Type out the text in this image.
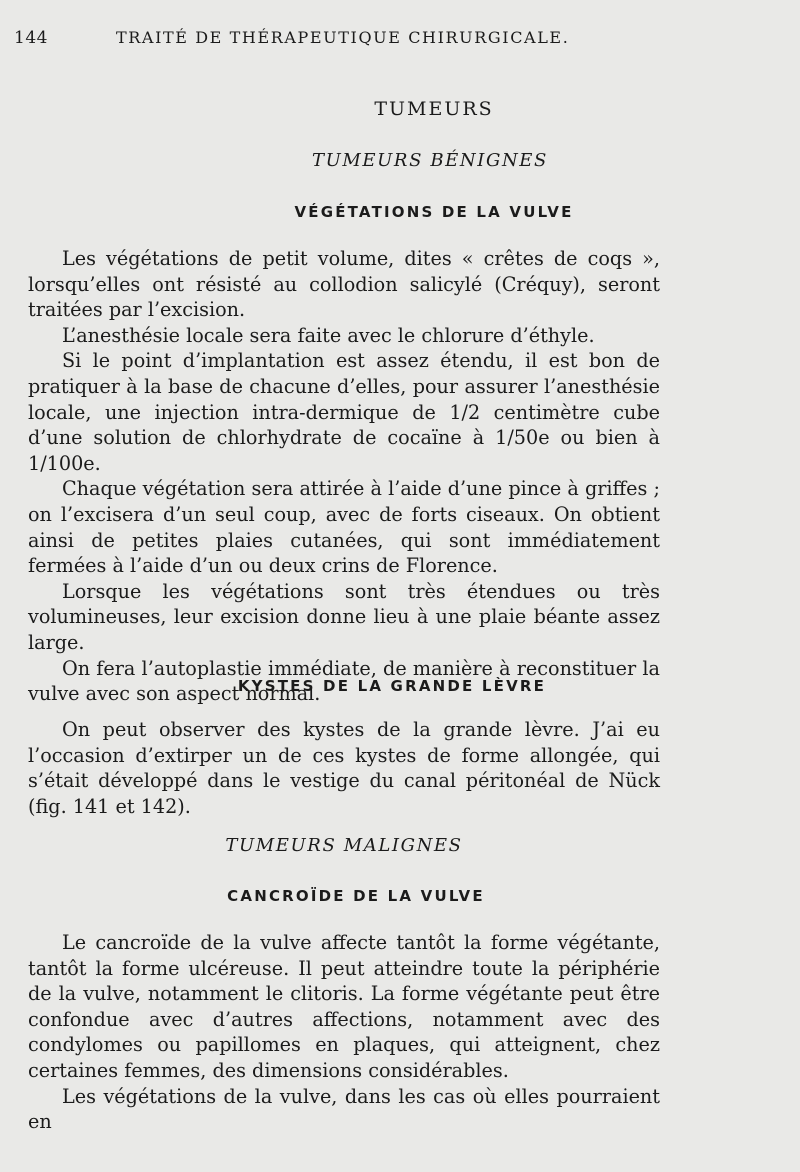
144	TRAITÉ DE THÉRAPEUTIQUE CHIRURGICALE.
TUMEURS
TUMEURS BÉNIGNES
VÉGÉTATIONS DE LA VULVE

Les végétations de petit volume, dites « crêtes de coqs », lorsqu’elles ont résisté au collodion salicylé (Créquy), seront traitées par l’excision.

L’anesthésie locale sera faite avec le chlorure d’éthyle.

Si le point d’implantation est assez étendu, il est bon de pratiquer à la base de chacune d’elles, pour assurer l’anesthésie locale, une injection intra-dermique de 1/2 centimètre cube d’une solution de chlorhydrate de cocaïne à 1/50e ou bien à 1/100e.

Chaque végétation sera attirée à l’aide d’une pince à griffes ; on l’excisera d’un seul coup, avec de forts ciseaux. On obtient ainsi de petites plaies cutanées, qui sont immédiatement fermées à l’aide d’un ou deux crins de Florence.

Lorsque les végétations sont très étendues ou très volumineuses, leur excision donne lieu à une plaie béante assez large.

On fera l’autoplastie immédiate, de manière à reconstituer la vulve avec son aspect normal.

KYSTES DE LA GRANDE LÈVRE

On peut observer des kystes de la grande lèvre. J’ai eu l’occasion d’extirper un de ces kystes de forme allongée, qui s’était développé dans le vestige du canal péritonéal de Nück (fig. 141 et 142).

TUMEURS MALIGNES
CANCROÏDE DE LA VULVE

Le cancroïde de la vulve affecte tantôt la forme végétante, tantôt la forme ulcéreuse. Il peut atteindre toute la périphérie de la vulve, notamment le clitoris. La forme végétante peut être confondue avec d’autres affections, notamment avec des condylomes ou papillomes en plaques, qui atteignent, chez certaines femmes, des dimensions considérables.

Les végétations de la vulve, dans les cas où elles pourraient en
